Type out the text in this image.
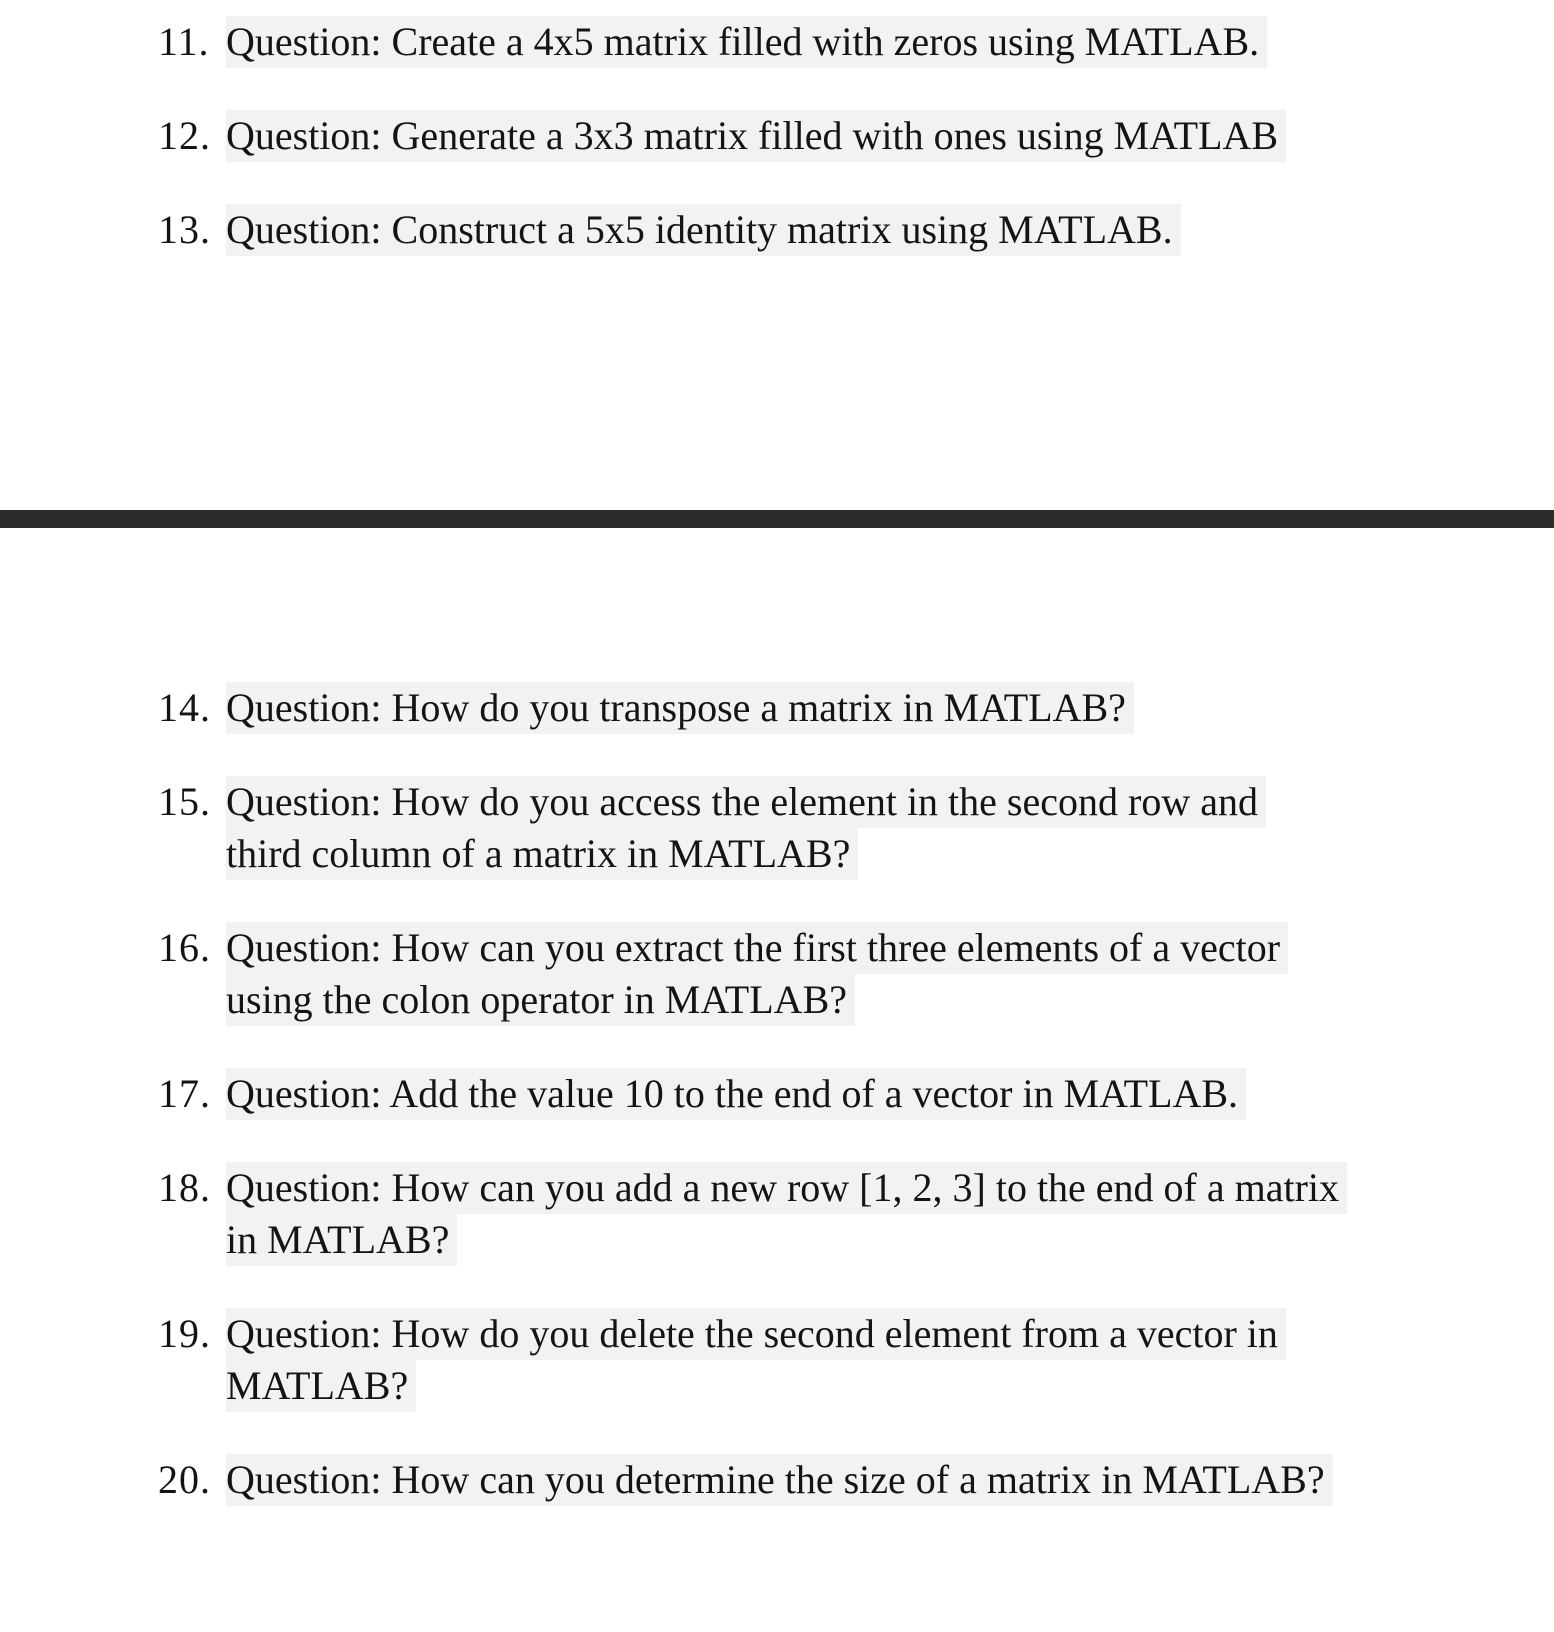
11. Question: Create a 4x5 matrix filled with zeros using MATLAB.
12. Question: Generate a 3x3 matrix filled with ones using MATLAB
13. Question: Construct a 5x5 identity matrix using MATLAB.
14. Question: How do you transpose a matrix in MATLAB?
15. Question: How do you access the element in the second row and
third column of a matrix in MATLAB?
16. Question: How can you extract the first three elements of a vector
using the colon operator in MATLAB?
17. Question: Add the value 10 to the end of a vector in MATLAB.
18. Question: How can you add a new row [1, 2, 3] to the end of a matrix
in MATLAB?
19. Question: How do you delete the second element from a vector in
MATLAB?
20. Question: How can you determine the size of a matrix in MATLAB?
